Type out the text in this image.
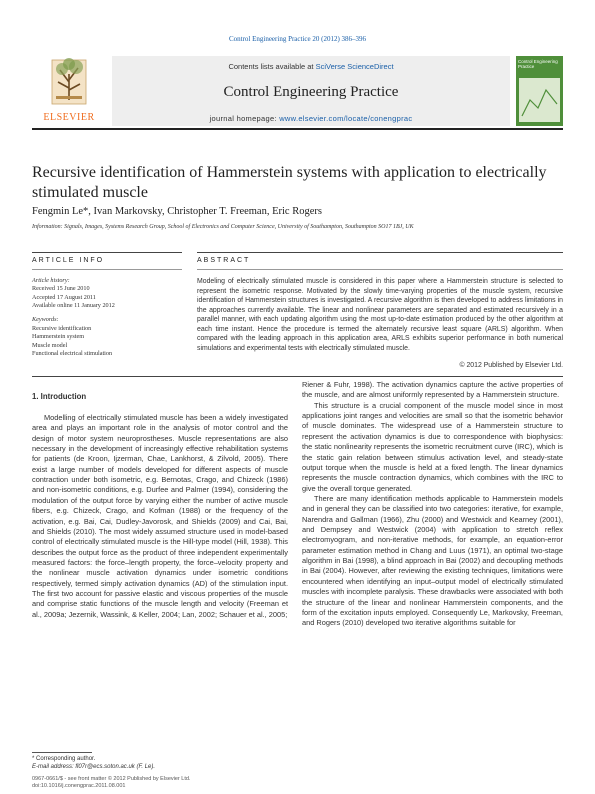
Control Engineering Practice 20 (2012) 386–396
ELSEVIER
Contents lists available at SciVerse ScienceDirect
Control Engineering Practice
journal homepage: www.elsevier.com/locate/conengprac
Control Engineering Practice
Recursive identification of Hammerstein systems with application to electrically stimulated muscle
Fengmin Le*, Ivan Markovsky, Christopher T. Freeman, Eric Rogers
Information: Signals, Images, Systems Research Group, School of Electronics and Computer Science, University of Southampton, Southampton SO17 1BJ, UK
ARTICLE INFO	ABSTRACT
Article history:
Received 15 June 2010
Accepted 17 August 2011
Available online 11 January 2012
Keywords:
Recursive identification
Hammerstein system
Muscle model
Functional electrical stimulation
Modeling of electrically stimulated muscle is considered in this paper where a Hammerstein structure is selected to represent the isometric response. Motivated by the slowly time-varying properties of the muscle system, recursive identification of Hammerstein structures is investigated. A recursive algorithm is then developed to address limitations in the approaches currently available. The linear and nonlinear parameters are separated and estimated recursively in a parallel manner, with each updating algorithm using the most up-to-date estimation produced by the other algorithm at each time instant. Hence the procedure is termed the alternately recursive least square (ARLS) algorithm. When compared with the leading approach in this application area, ARLS exhibits superior performance in both numerical simulations and experimental tests with electrically stimulated muscle.
© 2012 Published by Elsevier Ltd.
1. Introduction

Modelling of electrically stimulated muscle has been a widely investigated area and plays an important role in the analysis of motor control and the design of motor system neuroprostheses. Muscle representations are also necessary in the development of increasingly effective rehabilitation systems for patients (de Kroon, Ijzerman, Chae, Lankhorst, & Zilvold, 2005). There exist a large number of models developed for different aspects of muscle contraction under both isometric, e.g. Bernotas, Crago, and Chizeck (1986) and non-isometric conditions, e.g. Durfee and Palmer (1994), considering the modulation of the output force by varying either the number of active muscle fibers, e.g. Chizeck, Crago, and Kofman (1988) or the frequency of the activation, e.g. Bai, Cai, Dudley-Javorosk, and Shields (2009) and Cai, Bai, and Shields (2010). The most widely assumed structure used in model-based control of electrically stimulated muscle is the Hill-type model (Hill, 1938). This describes the output force as the product of three independent experimentally measured factors: the force–length property, the force–velocity property and the nonlinear muscle activation dynamics under isometric conditions respectively, termed simply activation dynamics (AD) of the stimulation input. The first two account for passive elastic and viscous properties of the muscle and comprise static functions of the muscle length and velocity (Freeman et al., 2009a; Jezernik, Wassink, & Keller, 2004; Lan, 2002; Schauer et al., 2005;

Riener & Fuhr, 1998). The activation dynamics capture the active properties of the muscle, and are almost uniformly represented by a Hammerstein structure.

This structure is a crucial component of the muscle model since in most applications joint ranges and velocities are small so that the isometric behavior of muscle dominates. The widespread use of a Hammerstein structure to represent the activation dynamics is due to correspondence with biophysics: the static nonlinearity represents the isometric recruitment curve (IRC), which is the static gain relation between stimulus activation level, and steady-state output torque when the muscle is held at a fixed length. The linear dynamics represents the muscle contraction dynamics, which combines with the IRC to give the overall torque generated.

There are many identification methods applicable to Hammerstein models and in general they can be classified into two categories: iterative, for example, Narendra and Gallman (1966), Zhu (2000) and Westwick and Kearney (2001), and Dempsey and Westwick (2004) with application to stretch reflex electromyogram, and non-iterative methods, for example, an equation-error parameter estimation method in Chang and Luus (1971), an optimal two-stage algorithm in Bai (1998), a blind approach in Bai (2002) and decoupling methods in Bai (2004). However, after reviewing the existing techniques, limitations were encountered when identifying an input–output model of electrically stimulated muscles with incomplete paralysis. These drawbacks were associated with both the structure of the linear and nonlinear Hammerstein components, and the form of the excitation inputs employed. Consequently Le, Markovsky, Freeman, and Rogers (2010) developed two iterative algorithms suitable for

* Corresponding author.
E-mail address: fl07r@ecs.soton.ac.uk (F. Le).
0967-0661/$ - see front matter © 2012 Published by Elsevier Ltd.
doi:10.1016/j.conengprac.2011.08.001
